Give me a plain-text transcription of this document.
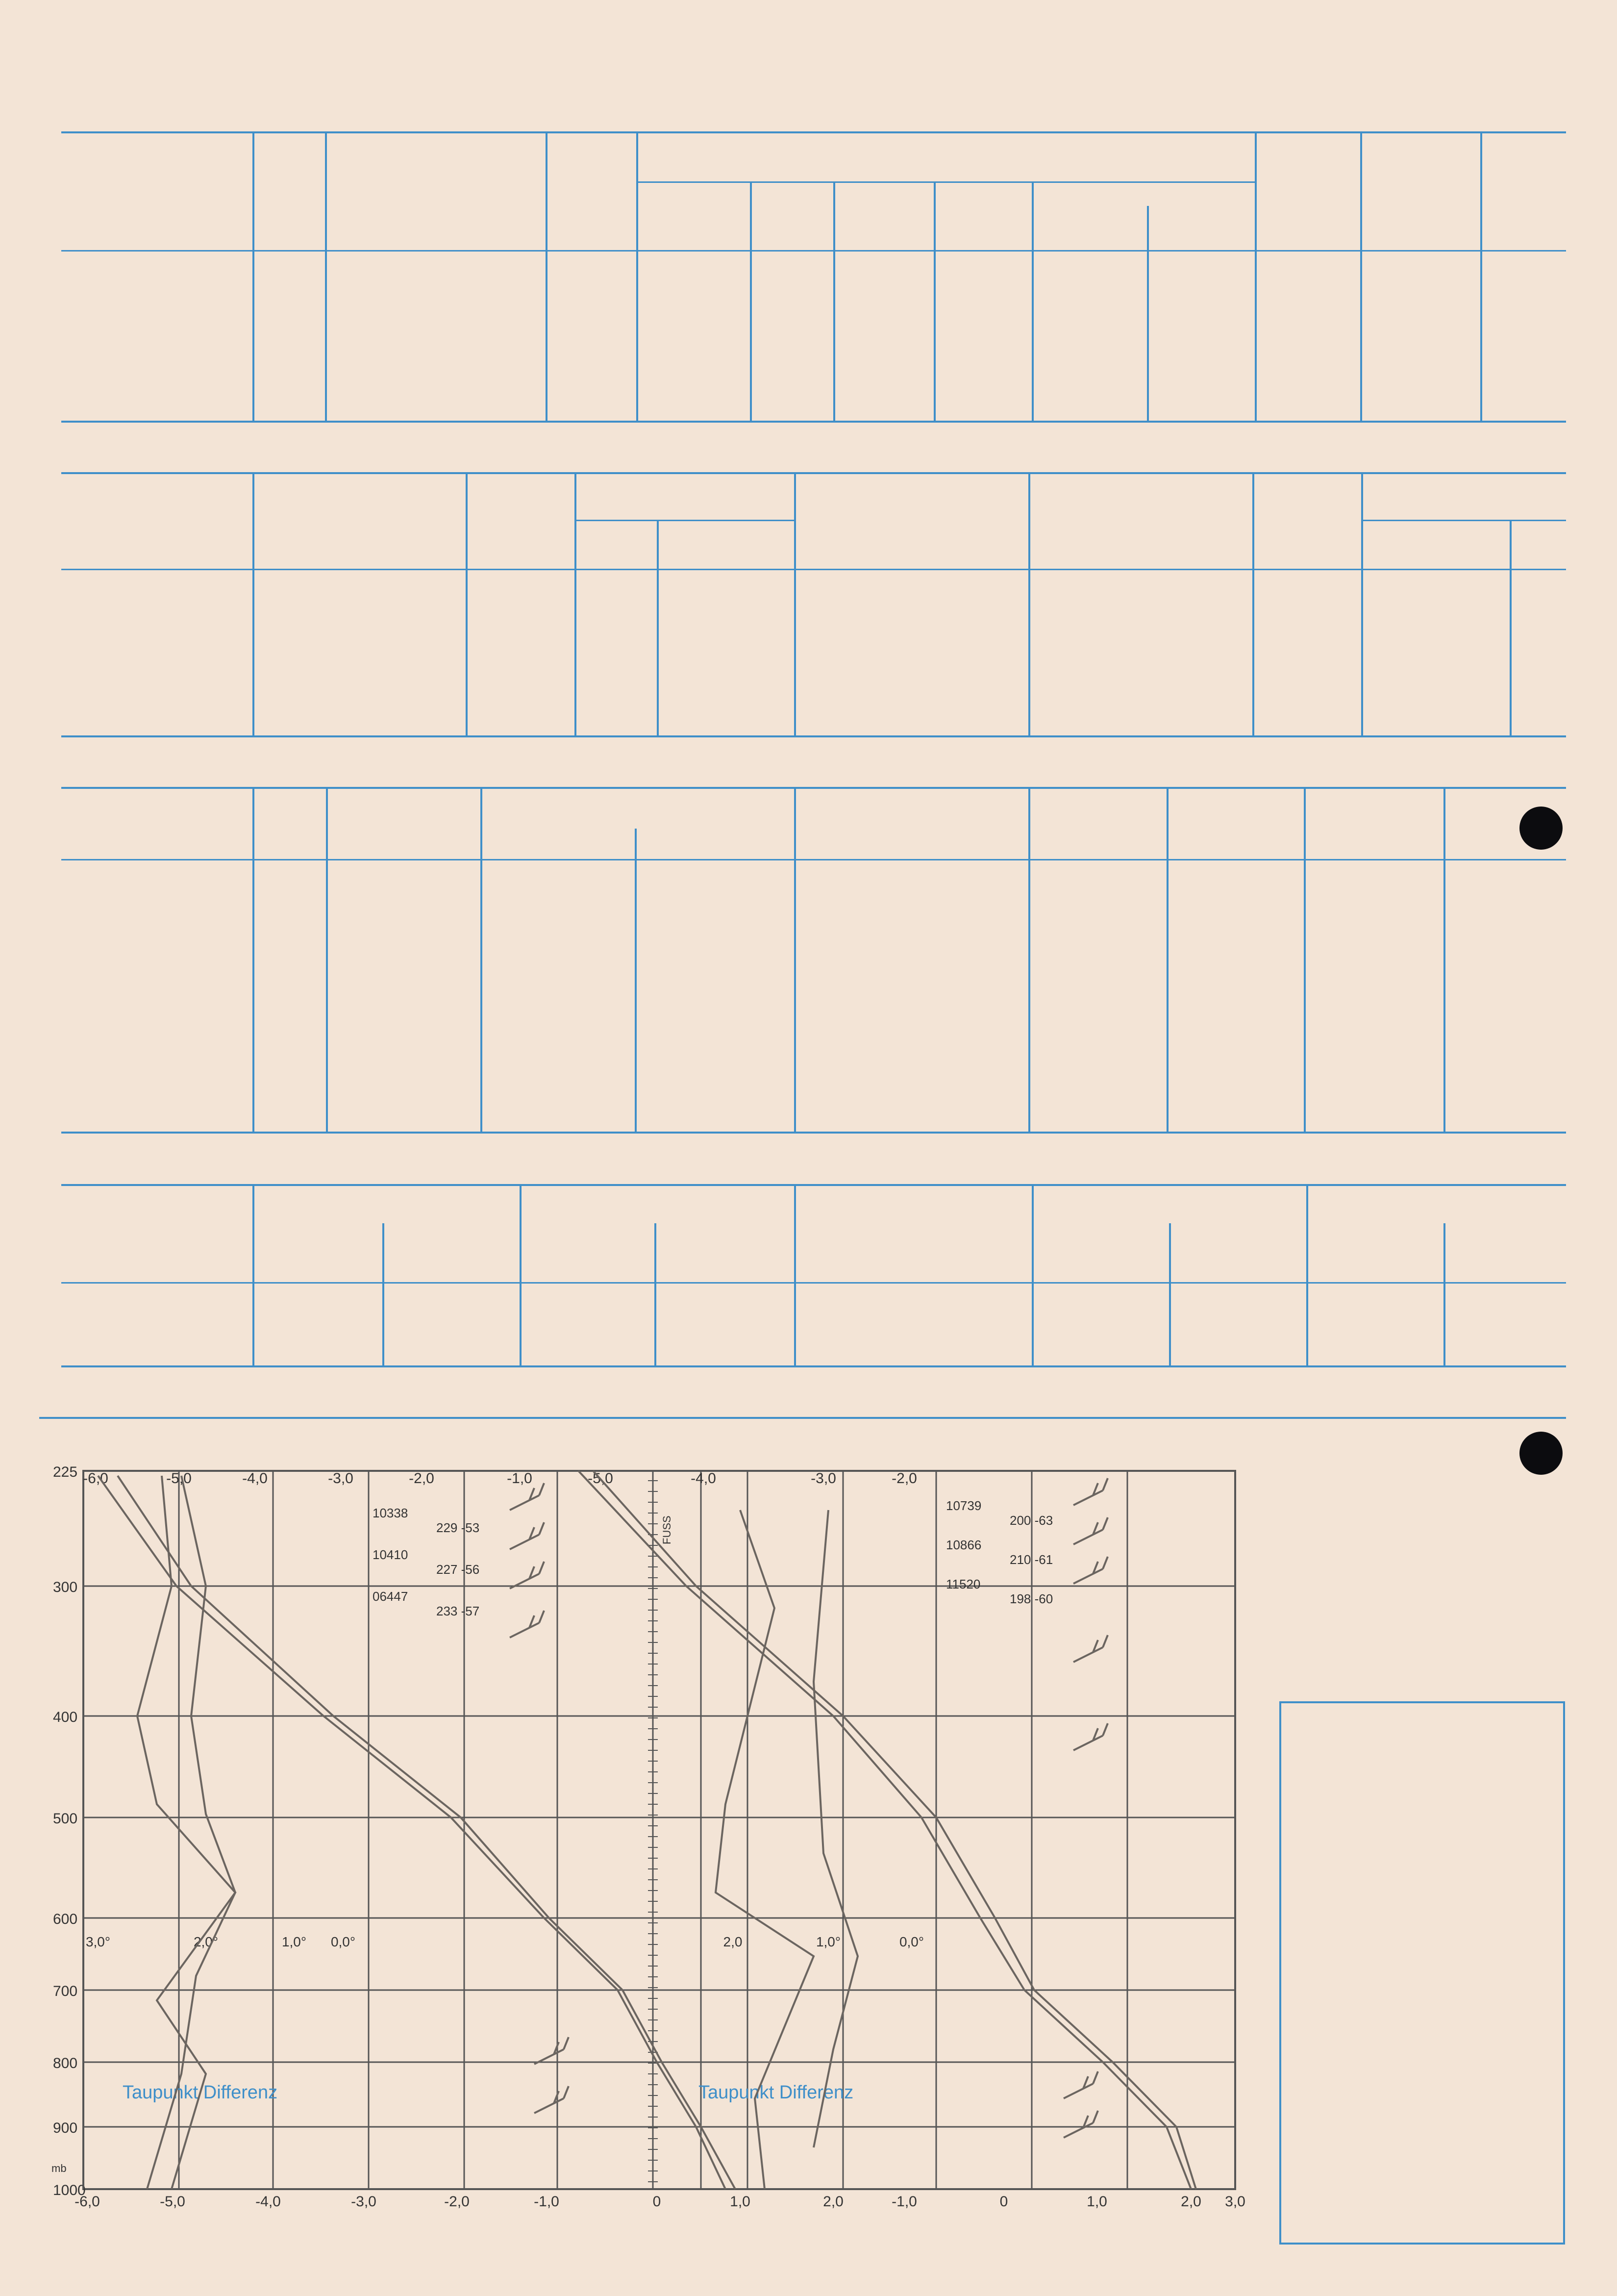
225
300
400
500
600
700
800
900
1000
mb
-6,0	-5,0	-4,0	-3,0	-2,0	-1,0	0	1,0	2,0	-1,0	0	1,0	2,0 3,0
-6,0	-5,0	-4,0	-3,0	-2,0	-1,0	-5,0	-4,0	-3,0	-2,0
FUSS
Taupunkt Differenz	Taupunkt Differenz
3,0°	2,0°	1,0° 0,0°	2,0	1,0°	0,0°
10338
229 -53
10410
227 -56
06447
233 -57
10739
200 -63
10866
210 -61
11520
198 -60
